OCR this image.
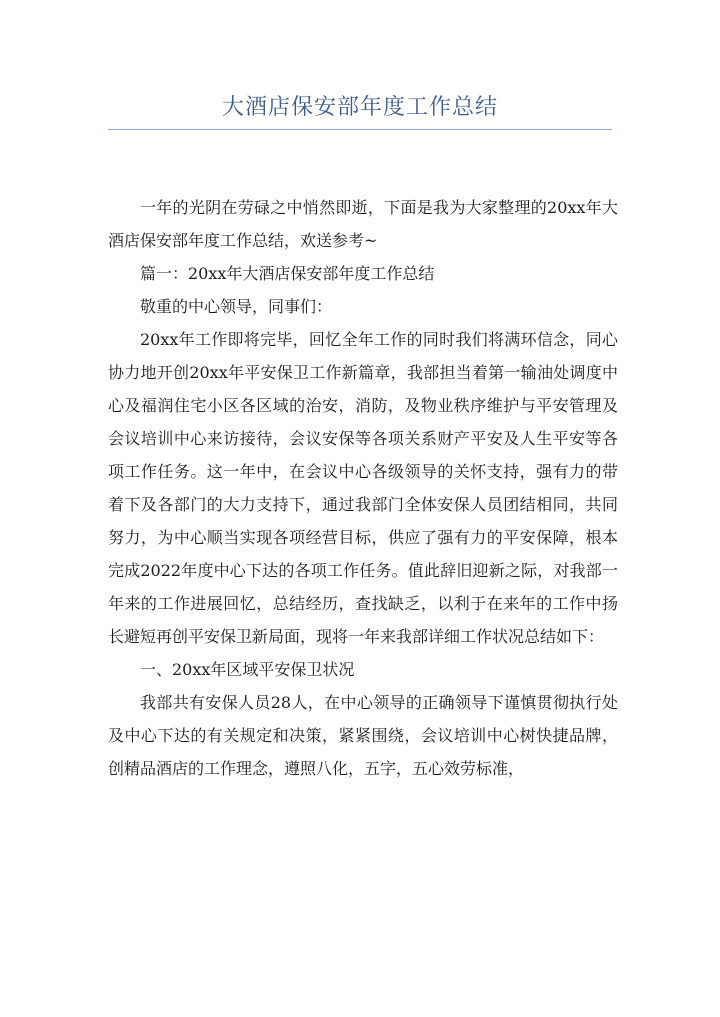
大酒店保安部年度工作总结

一年的光阴在劳碌之中悄然即逝，下面是我为大家整理的20xx年大酒店保安部年度工作总结，欢送参考~

篇一：20xx年大酒店保安部年度工作总结

敬重的中心领导，同事们：

20xx年工作即将完毕，回忆全年工作的同时我们将满环信念，同心协力地开创20xx年平安保卫工作新篇章，我部担当着第一输油处调度中心及福润住宅小区各区域的治安，消防，及物业秩序维护与平安管理及会议培训中心来访接待，会议安保等各项关系财产平安及人生平安等各项工作任务。这一年中，在会议中心各级领导的关怀支持，强有力的带着下及各部门的大力支持下，通过我部门全体安保人员团结相同，共同努力，为中心顺当实现各项经营目标，供应了强有力的平安保障，根本完成2022年度中心下达的各项工作任务。值此辞旧迎新之际，对我部一年来的工作进展回忆，总结经历，查找缺乏，以利于在来年的工作中扬长避短再创平安保卫新局面，现将一年来我部详细工作状况总结如下：

一、20xx年区域平安保卫状况

我部共有安保人员28人，在中心领导的正确领导下谨慎贯彻执行处及中心下达的有关规定和决策，紧紧围绕，会议培训中心树快捷品牌，创精品酒店的工作理念，遵照八化，五字，五心效劳标准，
